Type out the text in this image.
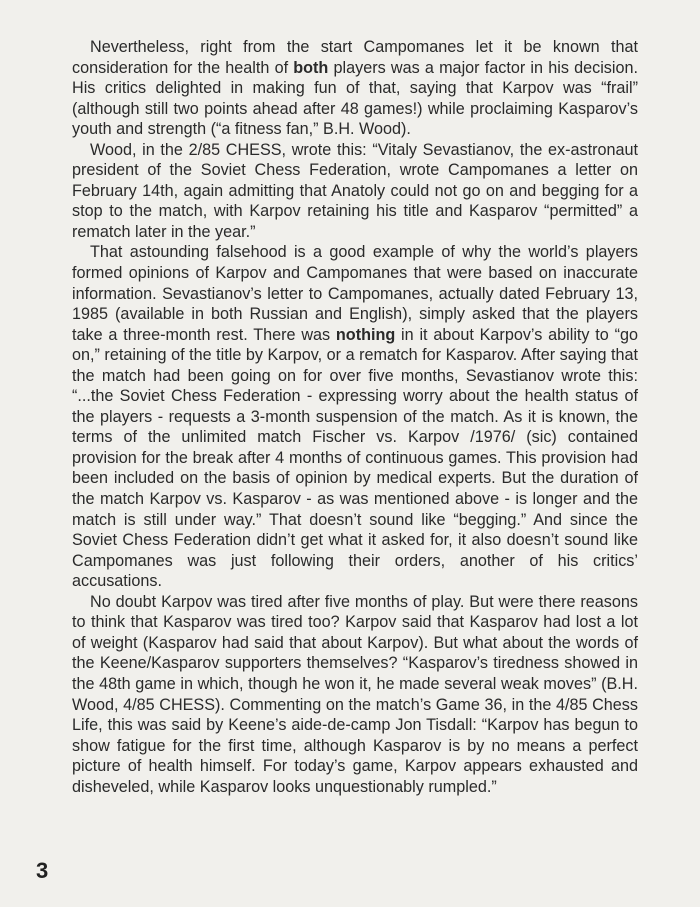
Nevertheless, right from the start Campomanes let it be known that consideration for the health of both players was a major factor in his decision. His critics delighted in making fun of that, saying that Karpov was “frail” (although still two points ahead after 48 games!) while proclaiming Kasparov’s youth and strength (“a fitness fan,” B.H. Wood).

Wood, in the 2/85 CHESS, wrote this: “Vitaly Sevastianov, the ex-astronaut president of the Soviet Chess Federation, wrote Campomanes a letter on February 14th, again admitting that Anatoly could not go on and begging for a stop to the match, with Karpov retaining his title and Kasparov “permitted” a rematch later in the year.”

That astounding falsehood is a good example of why the world’s players formed opinions of Karpov and Campomanes that were based on inaccurate information. Sevastianov’s letter to Campomanes, actually dated February 13, 1985 (available in both Russian and English), simply asked that the players take a three-month rest. There was nothing in it about Karpov’s ability to “go on,” retaining of the title by Karpov, or a rematch for Kasparov. After saying that the match had been going on for over five months, Sevastianov wrote this: “...the Soviet Chess Federation - expressing worry about the health status of the players - requests a 3-month suspension of the match. As it is known, the terms of the unlimited match Fischer vs. Karpov /1976/ (sic) contained provision for the break after 4 months of continuous games. This provision had been included on the basis of opinion by medical experts. But the duration of the match Karpov vs. Kasparov - as was mentioned above - is longer and the match is still under way.” That doesn’t sound like “begging.” And since the Soviet Chess Federation didn’t get what it asked for, it also doesn’t sound like Campomanes was just following their orders, another of his critics’ accusations.

No doubt Karpov was tired after five months of play. But were there reasons to think that Kasparov was tired too? Karpov said that Kasparov had lost a lot of weight (Kasparov had said that about Karpov). But what about the words of the Keene/Kasparov supporters themselves? “Kasparov’s tiredness showed in the 48th game in which, though he won it, he made several weak moves” (B.H. Wood, 4/85 CHESS). Commenting on the match’s Game 36, in the 4/85 Chess Life, this was said by Keene’s aide-de-camp Jon Tisdall: “Karpov has begun to show fatigue for the first time, although Kasparov is by no means a perfect picture of health himself. For today’s game, Karpov appears exhausted and disheveled, while Kasparov looks unquestionably rumpled.”

3
